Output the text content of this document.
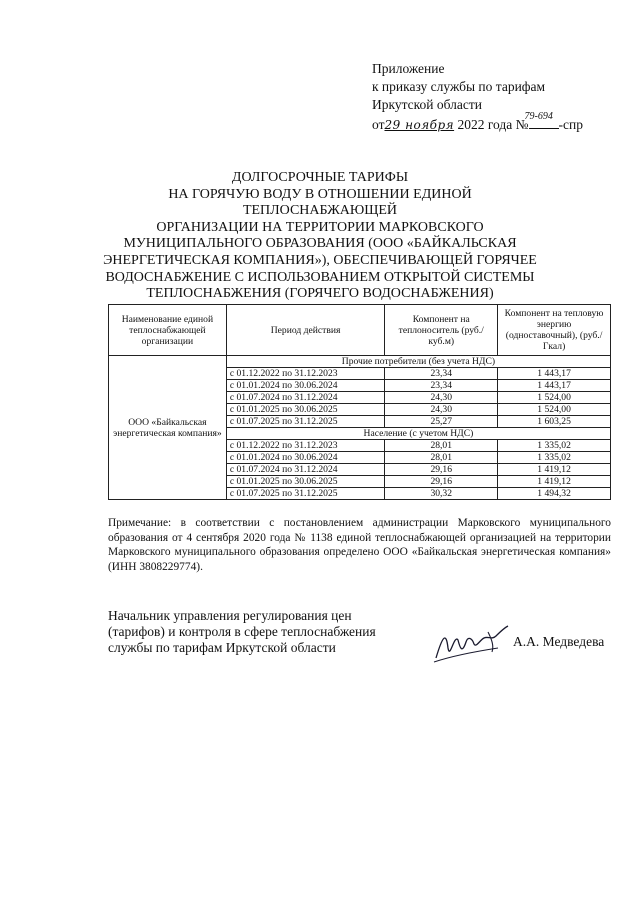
Приложение
к приказу службы по тарифам
Иркутской области
от29 ноября 2022 года №
79-694
-спр
ДОЛГОСРОЧНЫЕ ТАРИФЫ
НА ГОРЯЧУЮ ВОДУ В ОТНОШЕНИИ ЕДИНОЙ ТЕПЛОСНАБЖАЮЩЕЙ
ОРГАНИЗАЦИИ НА ТЕРРИТОРИИ МАРКОВСКОГО
МУНИЦИПАЛЬНОГО ОБРАЗОВАНИЯ (ООО «БАЙКАЛЬСКАЯ
ЭНЕРГЕТИЧЕСКАЯ КОМПАНИЯ»), ОБЕСПЕЧИВАЮЩЕЙ ГОРЯЧЕЕ
ВОДОСНАБЖЕНИЕ С ИСПОЛЬЗОВАНИЕМ ОТКРЫТОЙ СИСТЕМЫ
ТЕПЛОСНАБЖЕНИЯ (ГОРЯЧЕГО ВОДОСНАБЖЕНИЯ)
Наименование единой теплоснабжающей организации	Период действия	Компонент на теплоноситель (руб./куб.м)	Компонент на тепловую энергию (одноставочный), (руб./Гкал)
ООО «Байкальская энергетическая компания»	Прочие потребители (без учета НДС)		
	с 01.12.2022 по 31.12.2023	23,34	1 443,17
	с 01.01.2024 по 30.06.2024	23,34	1 443,17
	с 01.07.2024 по 31.12.2024	24,30	1 524,00
	с 01.01.2025 по 30.06.2025	24,30	1 524,00
	с 01.07.2025 по 31.12.2025	25,27	1 603,25
	Население (с учетом НДС)		
	с 01.12.2022 по 31.12.2023	28,01	1 335,02
	с 01.01.2024 по 30.06.2024	28,01	1 335,02
	с 01.07.2024 по 31.12.2024	29,16	1 419,12
	с 01.01.2025 по 30.06.2025	29,16	1 419,12
	с 01.07.2025 по 31.12.2025	30,32	1 494,32
Примечание: в соответствии с постановлением администрации Марковского муниципального образования от 4 сентября 2020 года № 1138 единой теплоснабжающей организацией на территории Марковского муниципального образования определено ООО «Байкальская энергетическая компания» (ИНН 3808229774).
Начальник управления регулирования цен
(тарифов) и контроля в сфере теплоснабжения
службы по тарифам Иркутской области	А.А. Медведева
